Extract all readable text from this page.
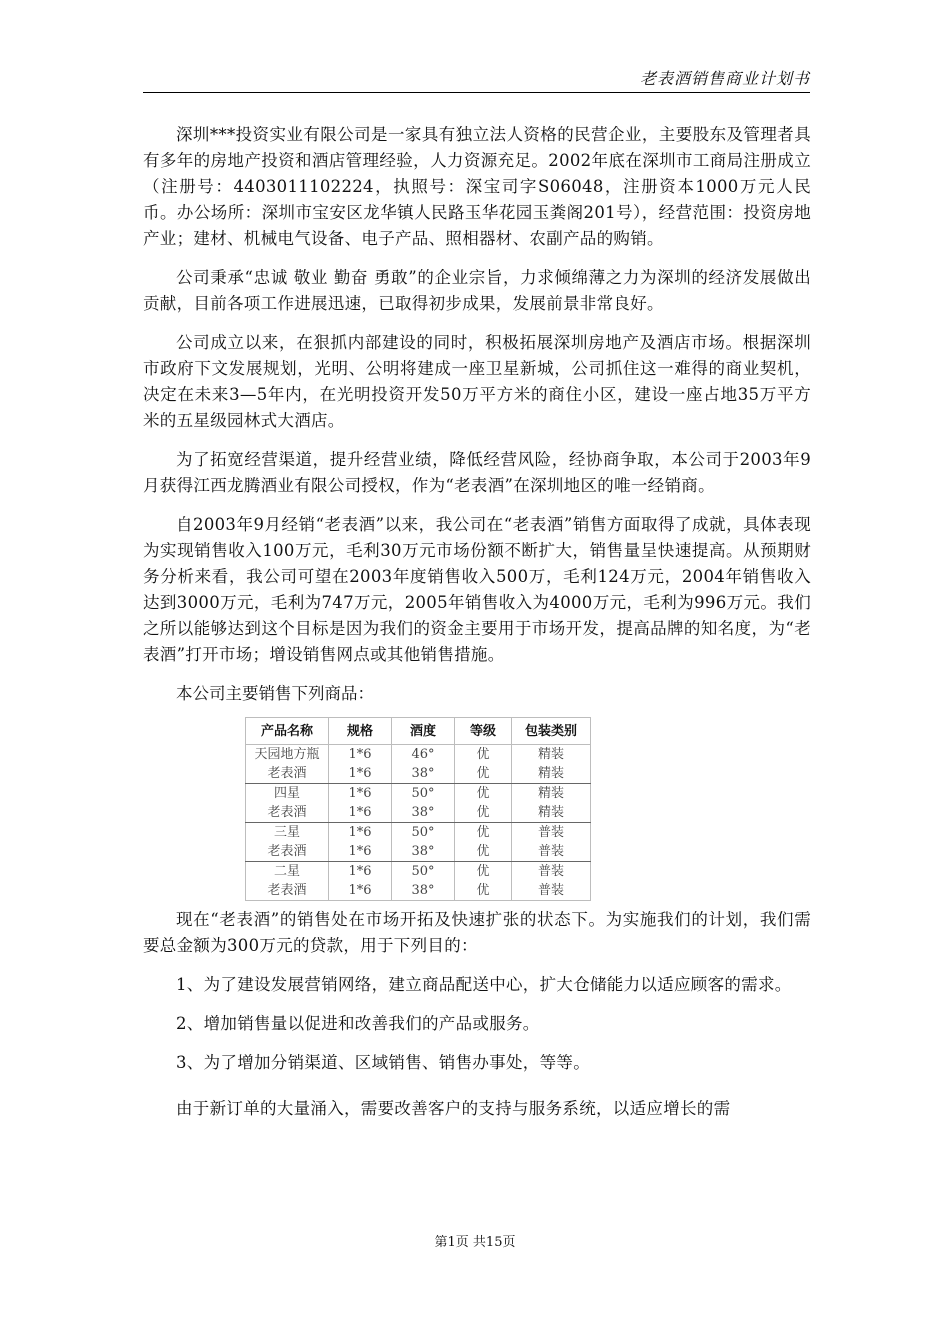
老表酒销售商业计划书

深圳***投资实业有限公司是一家具有独立法人资格的民营企业，主要股东及管理者具有多年的房地产投资和酒店管理经验，人力资源充足。2002年底在深圳市工商局注册成立（注册号：4403011102224，执照号：深宝司字S06048，注册资本1000万元人民币。办公场所：深圳市宝安区龙华镇人民路玉华花园玉粪阁201号），经营范围：投资房地产业；建材、机械电气设备、电子产品、照相器材、农副产品的购销。

公司秉承“忠诚 敬业 勤奋 勇敢”的企业宗旨，力求倾绵薄之力为深圳的经济发展做出贡献，目前各项工作进展迅速，已取得初步成果，发展前景非常良好。

公司成立以来，在狠抓内部建设的同时，积极拓展深圳房地产及酒店市场。根据深圳市政府下文发展规划，光明、公明将建成一座卫星新城，公司抓住这一难得的商业契机，决定在未来3—5年内，在光明投资开发50万平方米的商住小区，建设一座占地35万平方米的五星级园林式大酒店。

为了拓宽经营渠道，提升经营业绩，降低经营风险，经协商争取，本公司于2003年9月获得江西龙腾酒业有限公司授权，作为“老表酒”在深圳地区的唯一经销商。

自2003年9月经销“老表酒”以来，我公司在“老表酒”销售方面取得了成就，具体表现为实现销售收入100万元，毛利30万元市场份额不断扩大，销售量呈快速提高。从预期财务分析来看，我公司可望在2003年度销售收入500万，毛利124万元，2004年销售收入达到3000万元，毛利为747万元，2005年销售收入为4000万元，毛利为996万元。我们之所以能够达到这个目标是因为我们的资金主要用于市场开发，提高品牌的知名度，为“老表酒”打开市场；增设销售网点或其他销售措施。

本公司主要销售下列商品：

产品名称	规格	酒度	等级	包装类别
天园地方瓶	1*6	46°	优	精装
老表酒	1*6	38°	优	精装
四星	1*6	50°	优	精装
老表酒	1*6	38°	优	精装
三星	1*6	50°	优	普装
老表酒	1*6	38°	优	普装
二星	1*6	50°	优	普装
老表酒	1*6	38°	优	普装

现在“老表酒”的销售处在市场开拓及快速扩张的状态下。为实施我们的计划，我们需要总金额为300万元的贷款，用于下列目的：

1、为了建设发展营销网络，建立商品配送中心，扩大仓储能力以适应顾客的需求。

2、增加销售量以促进和改善我们的产品或服务。

3、为了增加分销渠道、区域销售、销售办事处，等等。

由于新订单的大量涌入，需要改善客户的支持与服务系统，以适应增长的需

第1页 共15页
